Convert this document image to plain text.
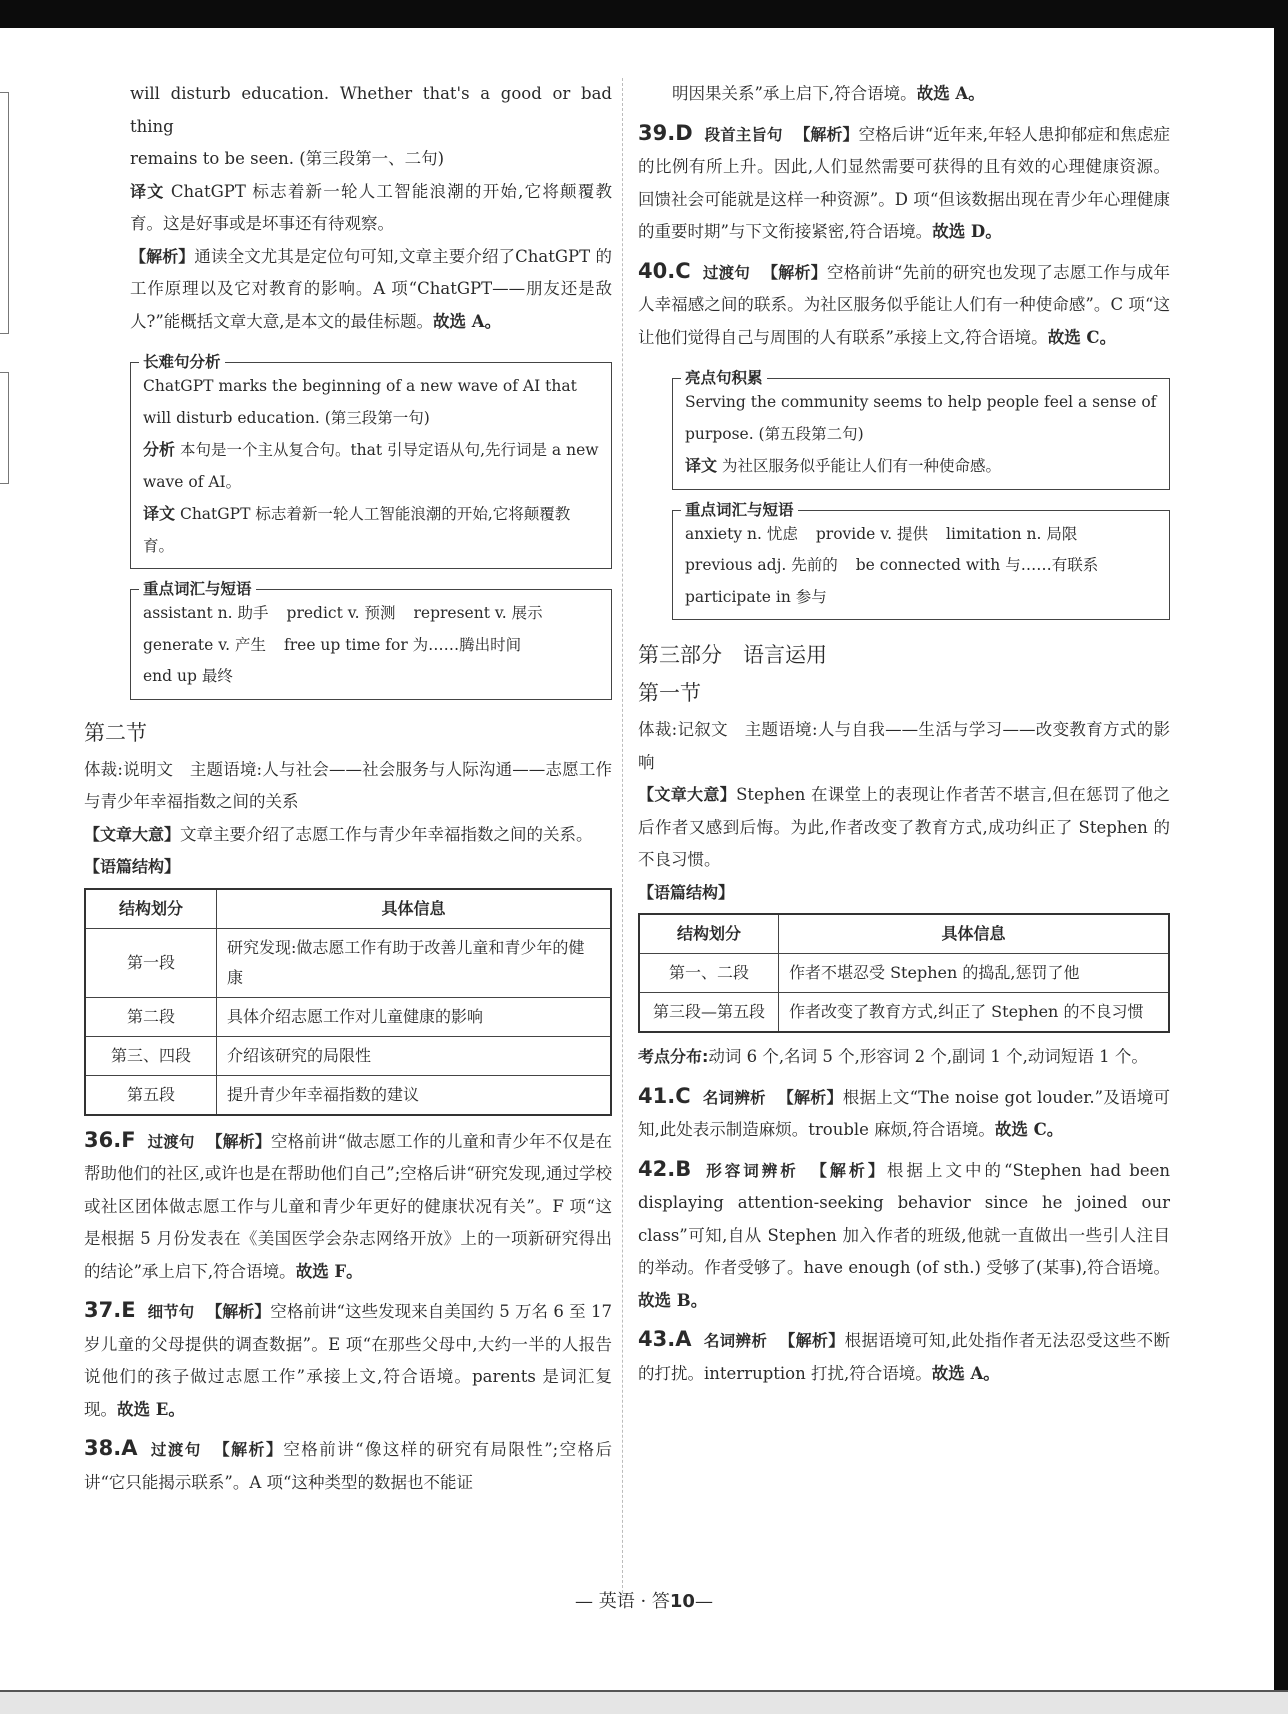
will disturb education. Whether that's a good or bad thing
remains to be seen. (第三段第一、二句)

译文 ChatGPT 标志着新一轮人工智能浪潮的开始,它将颠覆教育。这是好事或是坏事还有待观察。

【解析】通读全文尤其是定位句可知,文章主要介绍了ChatGPT 的工作原理以及它对教育的影响。A 项“ChatGPT——朋友还是敌人?”能概括文章大意,是本文的最佳标题。故选 A。

长难句分析

ChatGPT marks the beginning of a new wave of AI that will disturb education. (第三段第一句)

分析 本句是一个主从复合句。that 引导定语从句,先行词是 a new wave of AI。

译文 ChatGPT 标志着新一轮人工智能浪潮的开始,它将颠覆教育。

重点词汇与短语

assistant n. 助手 predict v. 预测 represent v. 展示

generate v. 产生 free up time for 为……腾出时间

end up 最终

第二节

体裁:说明文　主题语境:人与社会——社会服务与人际沟通——志愿工作与青少年幸福指数之间的关系

【文章大意】文章主要介绍了志愿工作与青少年幸福指数之间的关系。

【语篇结构】

结构划分	具体信息
第一段	研究发现:做志愿工作有助于改善儿童和青少年的健康
第二段	具体介绍志愿工作对儿童健康的影响
第三、四段	介绍该研究的局限性
第五段	提升青少年幸福指数的建议

36.F 过渡句 【解析】空格前讲“做志愿工作的儿童和青少年不仅是在帮助他们的社区,或许也是在帮助他们自己”;空格后讲“研究发现,通过学校或社区团体做志愿工作与儿童和青少年更好的健康状况有关”。F 项“这是根据 5 月份发表在《美国医学会杂志网络开放》上的一项新研究得出的结论”承上启下,符合语境。故选 F。

37.E 细节句 【解析】空格前讲“这些发现来自美国约 5 万名 6 至 17 岁儿童的父母提供的调查数据”。E 项“在那些父母中,大约一半的人报告说他们的孩子做过志愿工作”承接上文,符合语境。parents 是词汇复现。故选 E。

38.A 过渡句 【解析】空格前讲“像这样的研究有局限性”;空格后讲“它只能揭示联系”。A 项“这种类型的数据也不能证

明因果关系”承上启下,符合语境。故选 A。

39.D 段首主旨句 【解析】空格后讲“近年来,年轻人患抑郁症和焦虑症的比例有所上升。因此,人们显然需要可获得的且有效的心理健康资源。回馈社会可能就是这样一种资源”。D 项“但该数据出现在青少年心理健康的重要时期”与下文衔接紧密,符合语境。故选 D。

40.C 过渡句 【解析】空格前讲“先前的研究也发现了志愿工作与成年人幸福感之间的联系。为社区服务似乎能让人们有一种使命感”。C 项“这让他们觉得自己与周围的人有联系”承接上文,符合语境。故选 C。

亮点句积累

Serving the community seems to help people feel a sense of purpose. (第五段第二句)

译文 为社区服务似乎能让人们有一种使命感。

重点词汇与短语

anxiety n. 忧虑 provide v. 提供 limitation n. 局限

previous adj. 先前的 be connected with 与……有联系

participate in 参与

第三部分　语言运用
第一节

体裁:记叙文　主题语境:人与自我——生活与学习——改变教育方式的影响

【文章大意】Stephen 在课堂上的表现让作者苦不堪言,但在惩罚了他之后作者又感到后悔。为此,作者改变了教育方式,成功纠正了 Stephen 的不良习惯。

【语篇结构】

结构划分	具体信息
第一、二段	作者不堪忍受 Stephen 的捣乱,惩罚了他
第三段—第五段	作者改变了教育方式,纠正了 Stephen 的不良习惯

考点分布:动词 6 个,名词 5 个,形容词 2 个,副词 1 个,动词短语 1 个。

41.C 名词辨析 【解析】根据上文“The noise got louder.”及语境可知,此处表示制造麻烦。trouble 麻烦,符合语境。故选 C。

42.B 形容词辨析 【解析】根据上文中的“Stephen had been displaying attention-seeking behavior since he joined our class”可知,自从 Stephen 加入作者的班级,他就一直做出一些引人注目的举动。作者受够了。have enough (of sth.) 受够了(某事),符合语境。故选 B。

43.A 名词辨析 【解析】根据语境可知,此处指作者无法忍受这些不断的打扰。interruption 打扰,符合语境。故选 A。

— 英语 · 答10—
